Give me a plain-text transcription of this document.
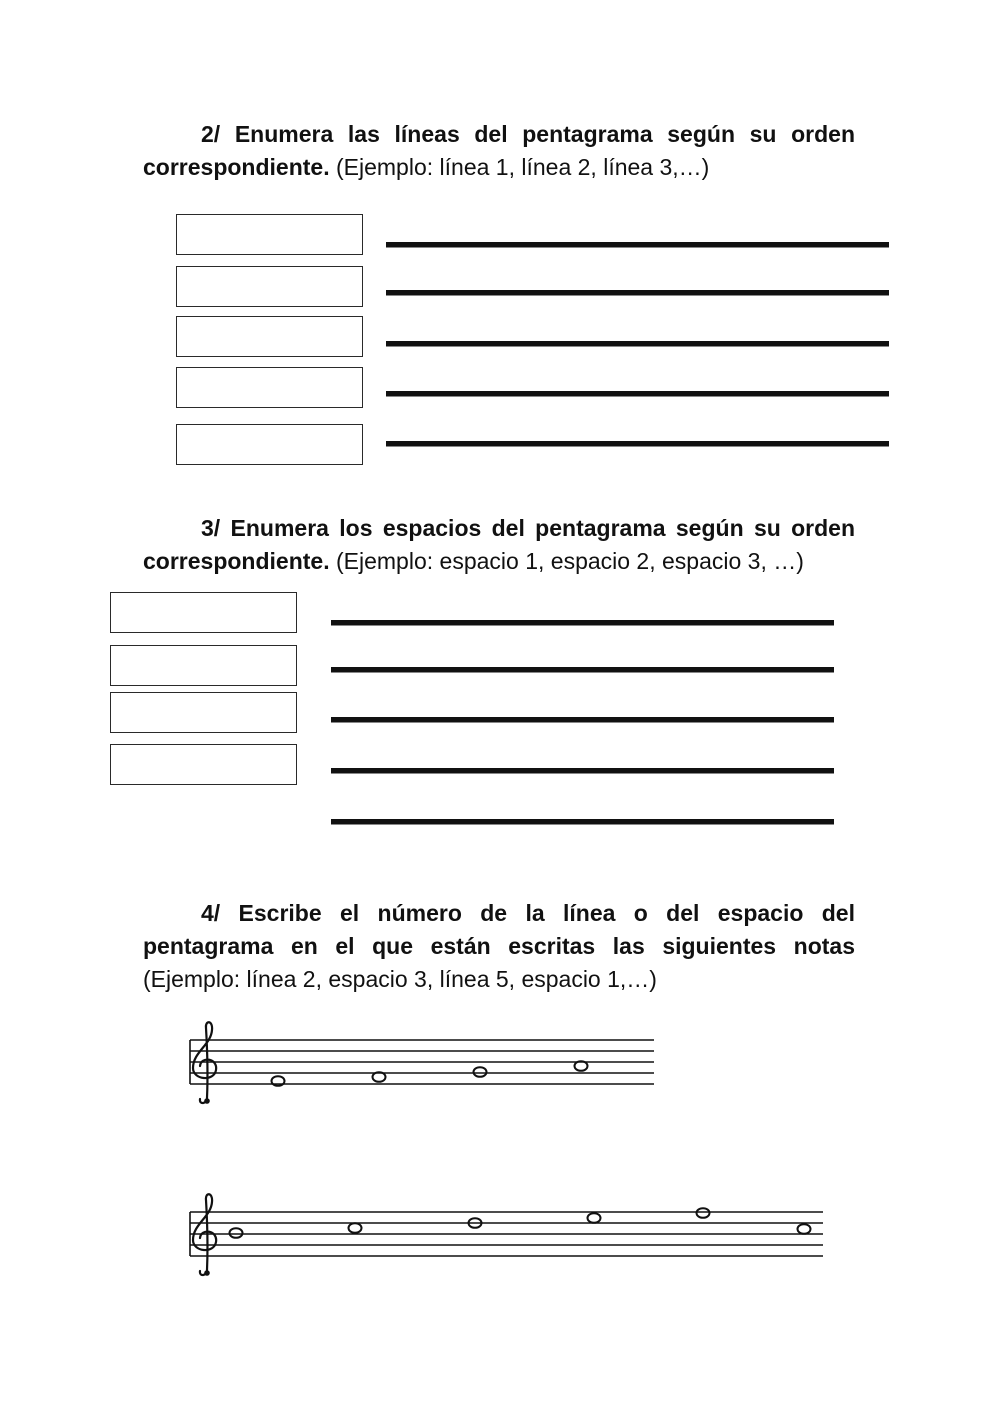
2/ Enumera las líneas del pentagrama según su orden correspondiente. (Ejemplo: línea 1, línea 2, línea 3,…)
3/ Enumera los espacios del pentagrama según su orden correspondiente. (Ejemplo: espacio 1, espacio 2, espacio 3, …)
4/ Escribe el número de la línea o del espacio del pentagrama en el que están escritas las siguientes notas (Ejemplo: línea 2, espacio 3, línea 5, espacio 1,…)
